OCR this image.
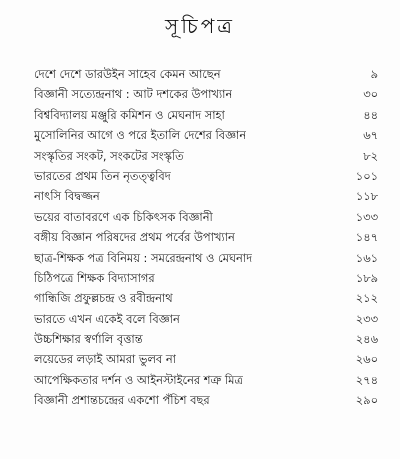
সূচিপত্র
দেশে দেশে ডারউইন সাহেব কেমন আছেন	৯
বিজ্ঞানী সত্যেন্দ্রনাথ : আট দশকের উপাখ্যান	৩০
বিশ্ববিদ্যালয় মঞ্জুরি কমিশন ও মেঘনাদ সাহা	৪৪
মুসোলিনির আগে ও পরে ইতালি দেশের বিজ্ঞান	৬৭
সংস্কৃতির সংকট, সংকটের সংস্কৃতি	৮২
ভারতের প্রথম তিন নৃতত্ত্ববিদ	১০১
নাৎসি বিদ্বজ্জন	১১৮
ভয়ের বাতাবরণে এক চিকিৎসক বিজ্ঞানী	১৩৩
বঙ্গীয় বিজ্ঞান পরিষদের প্রথম পর্বের উপাখ্যান	১৪৭
ছাত্র-শিক্ষক পত্র বিনিময় : সমরেন্দ্রনাথ ও মেঘনাদ	১৬১
চিঠিপত্রে শিক্ষক বিদ্যাসাগর	১৮৯
গান্ধিজি প্রফুল্লচন্দ্র ও রবীন্দ্রনাথ	২১২
ভারতে এখন একেই বলে বিজ্ঞান	২৩৩
উচ্চশিক্ষার স্বর্ণালি বৃত্তান্ত	২৪৬
লয়েডের লড়াই আমরা ভুলব না	২৬০
আপেক্ষিকতার দর্শন ও আইনস্টাইনের শত্রু মিত্র	২৭৪
বিজ্ঞানী প্রশান্তচন্দ্রের একশো পঁচিশ বছর	২৯০
